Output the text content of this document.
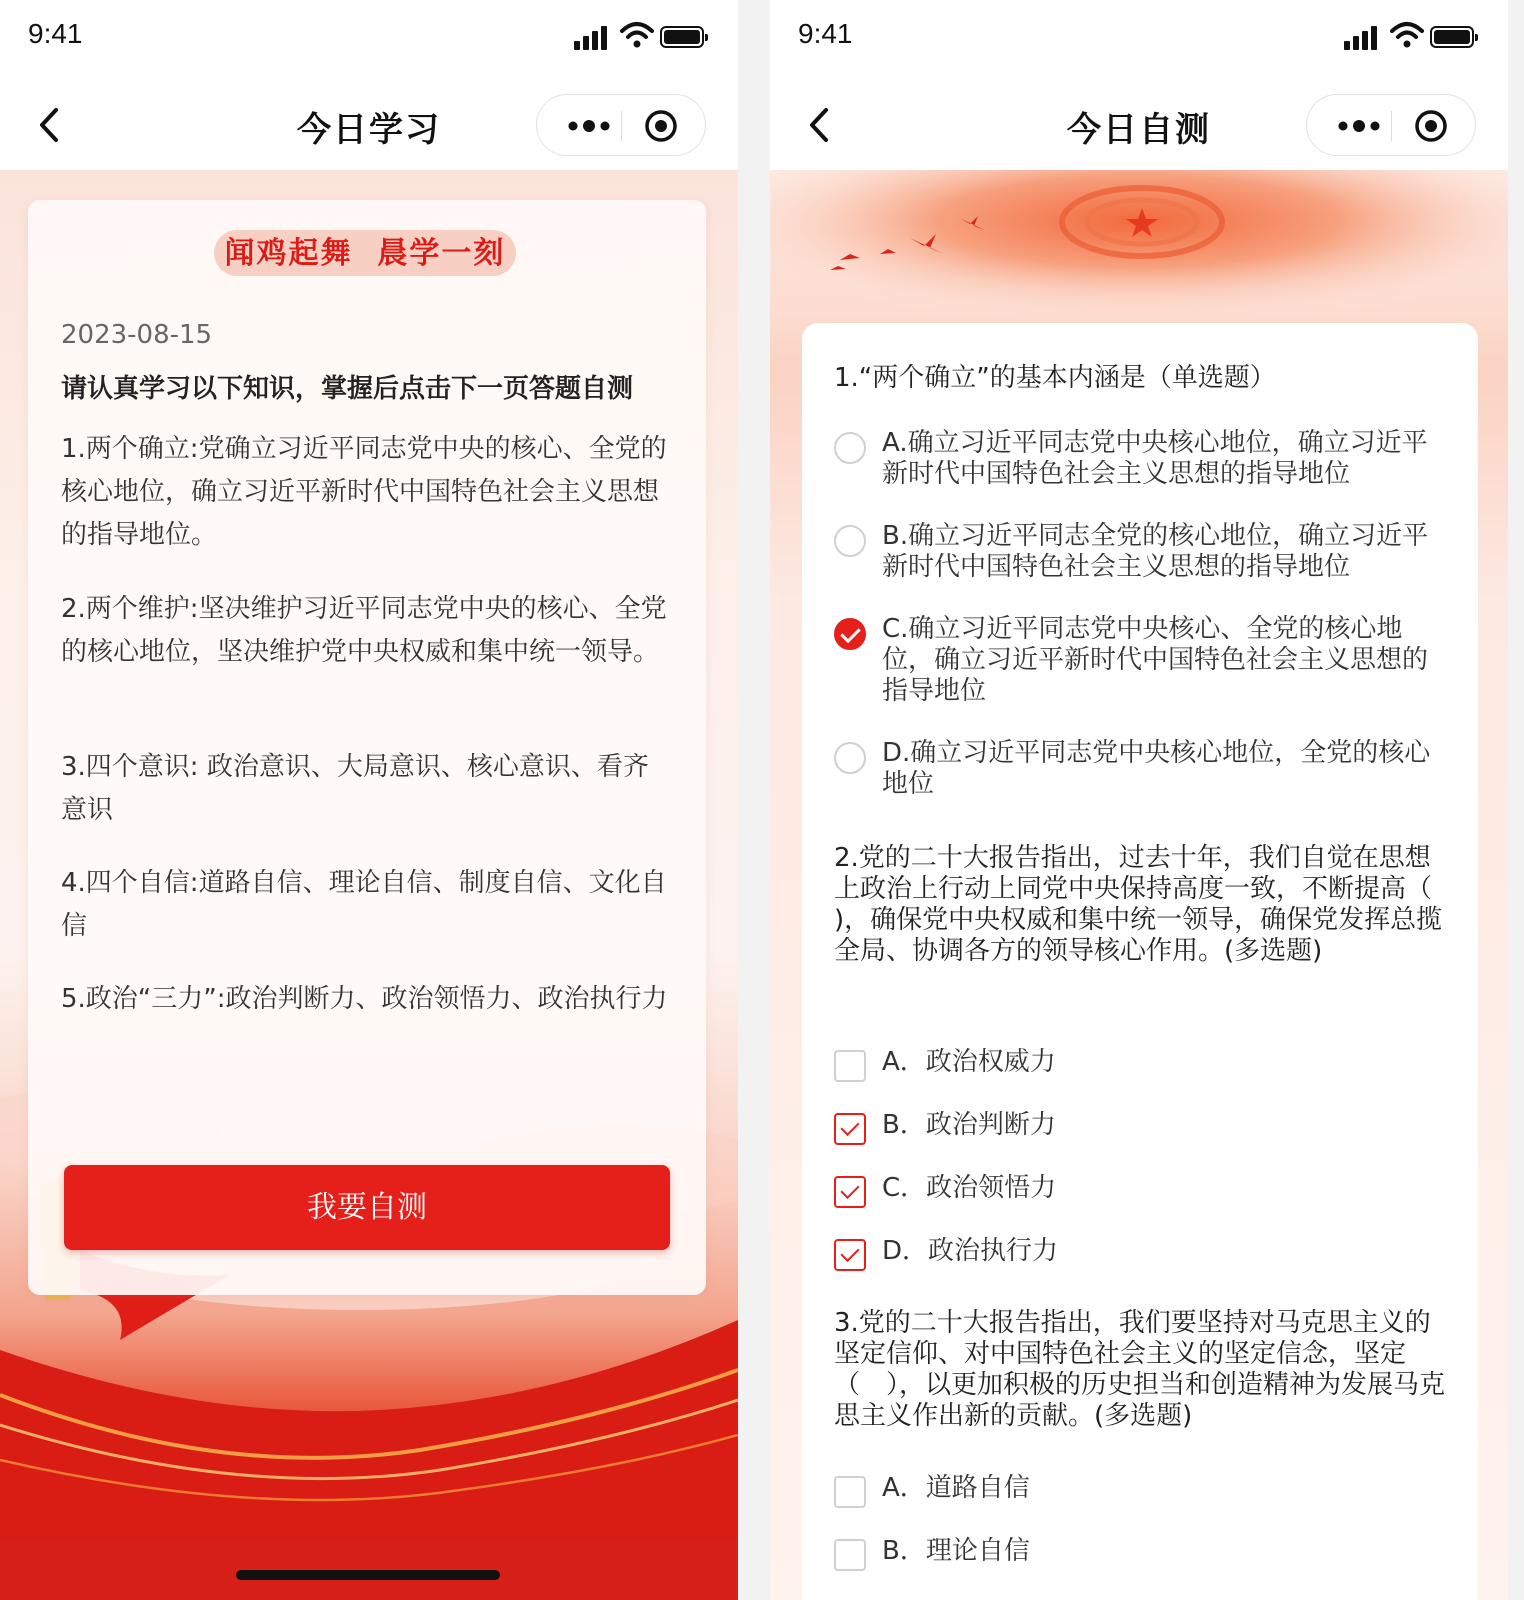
9:41
今日学习
闻鸡起舞  晨学一刻
2023-08-15
请认真学习以下知识，掌握后点击下一页答题自测
1.两个确立:党确立习近平同志党中央的核心、全党的核心地位，确立习近平新时代中国特色社会主义思想的指导地位。
2.两个维护:坚决维护习近平同志党中央的核心、全党的核心地位，坚决维护党中央权威和集中统一领导。
3.四个意识: 政治意识、大局意识、核心意识、看齐意识
4.四个自信:道路自信、理论自信、制度自信、文化自信
5.政治“三力”:政治判断力、政治领悟力、政治执行力
我要自测
9:41
今日自测
1.“两个确立”的基本内涵是（单选题）
A.确立习近平同志党中央核心地位，确立习近平新时代中国特色社会主义思想的指导地位
B.确立习近平同志全党的核心地位，确立习近平新时代中国特色社会主义思想的指导地位
C.确立习近平同志党中央核心、全党的核心地位，确立习近平新时代中国特色社会主义思想的指导地位
D.确立习近平同志党中央核心地位，全党的核心地位
2.党的二十大报告指出，过去十年，我们自觉在思想上政治上行动上同党中央保持高度一致，不断提高（ )，确保党中央权威和集中统一领导，确保党发挥总揽全局、协调各方的领导核心作用。(多选题)
A．政治权威力
B．政治判断力
C．政治领悟力
D．政治执行力
3.党的二十大报告指出，我们要坚持对马克思主义的坚定信仰、对中国特色社会主义的坚定信念，坚定（　），以更加积极的历史担当和创造精神为发展马克思主义作出新的贡献。(多选题)
A．道路自信
B．理论自信
